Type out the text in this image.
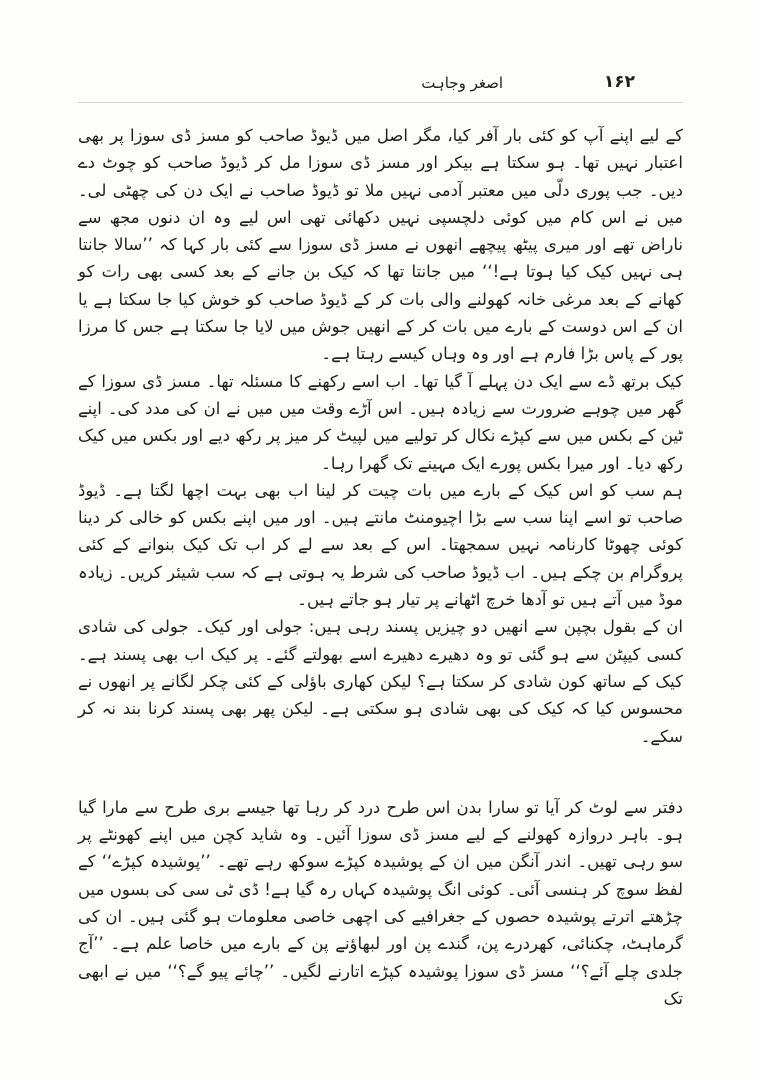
۱۶۲
اصغر وجاہت

کے لیے اپنے آپ کو کئی بار آفر کیا، مگر اصل میں ڈیوڈ صاحب کو مسز ڈی سوزا پر بھی اعتبار نہیں تھا۔ ہو سکتا ہے بیکر اور مسز ڈی سوزا مل کر ڈیوڈ صاحب کو چوٹ دے دیں۔ جب پوری دلّی میں معتبر آدمی نہیں ملا تو ڈیوڈ صاحب نے ایک دن کی چھٹی لی۔ میں نے اس کام میں کوئی دلچسپی نہیں دکھائی تھی اس لیے وہ ان دنوں مجھ سے ناراض تھے اور میری پیٹھ پیچھے انھوں نے مسز ڈی سوزا سے کئی بار کہا کہ ’’سالا جانتا ہی نہیں کیک کیا ہوتا ہے!‘‘ میں جانتا تھا کہ کیک بن جانے کے بعد کسی بھی رات کو کھانے کے بعد مرغی خانہ کھولنے والی بات کر کے ڈیوڈ صاحب کو خوش کیا جا سکتا ہے یا ان کے اس دوست کے بارے میں بات کر کے انھیں جوش میں لایا جا سکتا ہے جس کا مرزا پور کے پاس بڑا فارم ہے اور وہ وہاں کیسے رہتا ہے۔

کیک برتھ ڈے سے ایک دن پہلے آ گیا تھا۔ اب اسے رکھنے کا مسئلہ تھا۔ مسز ڈی سوزا کے گھر میں چوہے ضرورت سے زیادہ ہیں۔ اس آڑے وقت میں میں نے ان کی مدد کی۔ اپنے ٹین کے بکس میں سے کپڑے نکال کر تولیے میں لپیٹ کر میز پر رکھ دیے اور بکس میں کیک رکھ دیا۔ اور میرا بکس پورے ایک مہینے تک گھرا رہا۔

ہم سب کو اس کیک کے بارے میں بات چیت کر لینا اب بھی بہت اچھا لگتا ہے۔ ڈیوڈ صاحب تو اسے اپنا سب سے بڑا اچیومنٹ مانتے ہیں۔ اور میں اپنے بکس کو خالی کر دینا کوئی چھوٹا کارنامہ نہیں سمجھتا۔ اس کے بعد سے لے کر اب تک کیک بنوانے کے کئی پروگرام بن چکے ہیں۔ اب ڈیوڈ صاحب کی شرط یہ ہوتی ہے کہ سب شیئر کریں۔ زیادہ موڈ میں آتے ہیں تو آدھا خرچ اٹھانے پر تیار ہو جاتے ہیں۔

ان کے بقول بچپن سے انھیں دو چیزیں پسند رہی ہیں: جولی اور کیک۔ جولی کی شادی کسی کیپٹن سے ہو گئی تو وہ دھیرے دھیرے اسے بھولتے گئے۔ پر کیک اب بھی پسند ہے۔ کیک کے ساتھ کون شادی کر سکتا ہے؟ لیکن کھاری باؤلی کے کئی چکر لگانے پر انھوں نے محسوس کیا کہ کیک کی بھی شادی ہو سکتی ہے۔ لیکن پھر بھی پسند کرنا بند نہ کر سکے۔

دفتر سے لوٹ کر آیا تو سارا بدن اس طرح درد کر رہا تھا جیسے بری طرح سے مارا گیا ہو۔ باہر دروازہ کھولنے کے لیے مسز ڈی سوزا آئیں۔ وہ شاید کچن میں اپنے کھونٹے پر سو رہی تھیں۔ اندر آنگن میں ان کے پوشیدہ کپڑے سوکھ رہے تھے۔ ’’پوشیدہ کپڑے‘‘ کے لفظ سوچ کر ہنسی آئی۔ کوئی انگ پوشیدہ کہاں رہ گیا ہے! ڈی ٹی سی کی بسوں میں چڑھتے اترتے پوشیدہ حصوں کے جغرافیے کی اچھی خاصی معلومات ہو گئی ہیں۔ ان کی گرماہٹ، چکنائی، کھردرے پن، گندے پن اور لبھاؤنے پن کے بارے میں خاصا علم ہے۔ ’’آج جلدی چلے آئے؟‘‘ مسز ڈی سوزا پوشیدہ کپڑے اتارنے لگیں۔ ’’چائے پیو گے؟‘‘ میں نے ابھی تک
